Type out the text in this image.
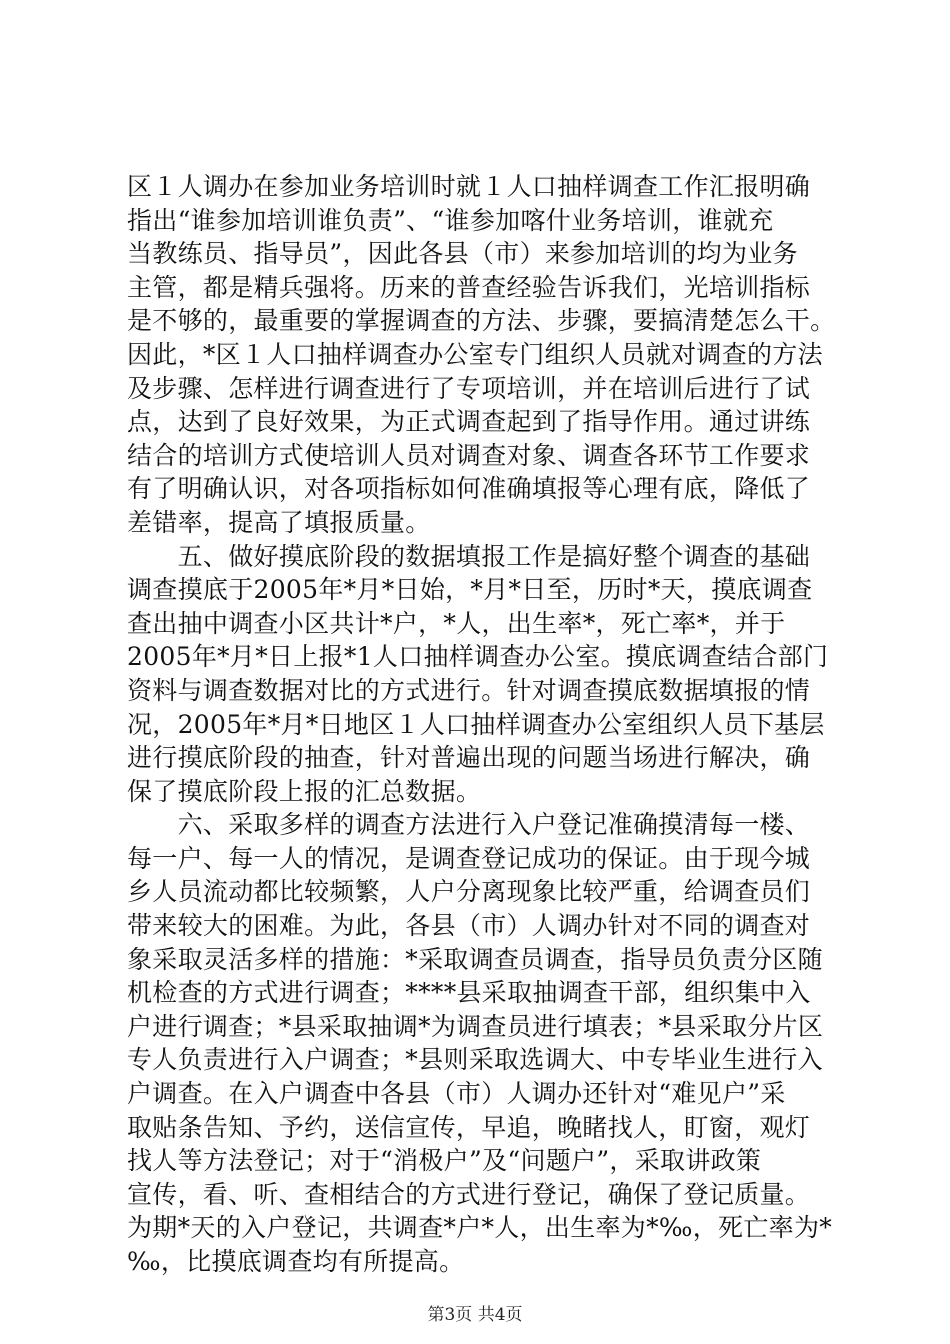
区１人调办在参加业务培训时就１人口抽样调查工作汇报明确
指出“谁参加培训谁负责”、“谁参加喀什业务培训，谁就充
当教练员、指导员”，因此各县（市）来参加培训的均为业务
主管，都是精兵强将。历来的普查经验告诉我们，光培训指标
是不够的，最重要的掌握调查的方法、步骤，要搞清楚怎么干。
因此，*区１人口抽样调查办公室专门组织人员就对调查的方法
及步骤、怎样进行调查进行了专项培训，并在培训后进行了试
点，达到了良好效果，为正式调查起到了指导作用。通过讲练
结合的培训方式使培训人员对调查对象、调查各环节工作要求
有了明确认识，对各项指标如何准确填报等心理有底，降低了
差错率，提高了填报质量。
　　五、做好摸底阶段的数据填报工作是搞好整个调查的基础
调查摸底于2005年*月*日始，*月*日至，历时*天，摸底调查
查出抽中调查小区共计*户，*人，出生率*，死亡率*，并于
2005年*月*日上报*1人口抽样调查办公室。摸底调查结合部门
资料与调查数据对比的方式进行。针对调查摸底数据填报的情
况，2005年*月*日地区１人口抽样调查办公室组织人员下基层
进行摸底阶段的抽查，针对普遍出现的问题当场进行解决，确
保了摸底阶段上报的汇总数据。
　　六、采取多样的调查方法进行入户登记准确摸清每一楼、
每一户、每一人的情况，是调查登记成功的保证。由于现今城
乡人员流动都比较频繁，人户分离现象比较严重，给调查员们
带来较大的困难。为此，各县（市）人调办针对不同的调查对
象采取灵活多样的措施：*采取调查员调查，指导员负责分区随
机检查的方式进行调查；****县采取抽调查干部，组织集中入
户进行调查；*县采取抽调*为调查员进行填表；*县采取分片区
专人负责进行入户调查；*县则采取选调大、中专毕业生进行入
户调查。在入户调查中各县（市）人调办还针对“难见户”采
取贴条告知、予约，送信宣传，早追，晚睹找人，盯窗，观灯
找人等方法登记；对于“消极户”及“问题户”，采取讲政策
宣传，看、听、查相结合的方式进行登记，确保了登记质量。
为期*天的入户登记，共调查*户*人，出生率为*‰，死亡率为*
‰，比摸底调查均有所提高。
第3页 共4页
